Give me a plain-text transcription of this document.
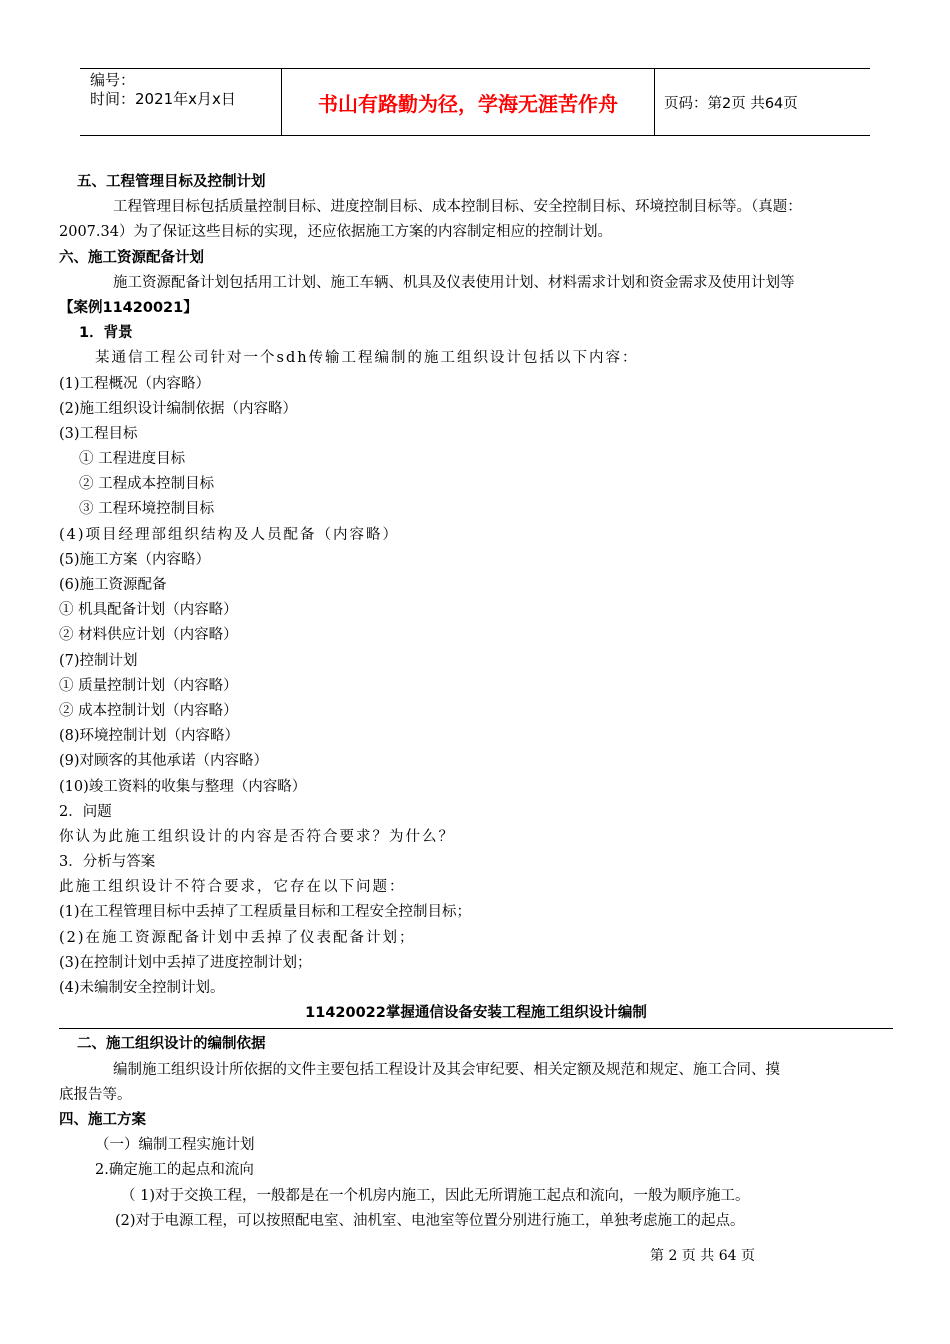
编号：
时间：2021年x月x日	书山有路勤为径，学海无涯苦作舟	页码：第2页 共64页
五、工程管理目标及控制计划
工程管理目标包括质量控制目标、进度控制目标、成本控制目标、安全控制目标、环境控制目标等。（真题：
2007.34）为了保证这些目标的实现，还应依据施工方案的内容制定相应的控制计划。
六、施工资源配备计划
施工资源配备计划包括用工计划、施工车辆、机具及仪表使用计划、材料需求计划和资金需求及使用计划等
【案例11420021】
1．背景
某通信工程公司针对一个sdh传输工程编制的施工组织设计包括以下内容：
(1)工程概况（内容略）
(2)施工组织设计编制依据（内容略）
(3)工程目标
① 工程进度目标
② 工程成本控制目标
③ 工程环境控制目标
(4)项目经理部组织结构及人员配备（内容略）
(5)施工方案（内容略）
(6)施工资源配备
① 机具配备计划（内容略）
② 材料供应计划（内容略）
(7)控制计划
① 质量控制计划（内容略）
② 成本控制计划（内容略）
(8)环境控制计划（内容略）
(9)对顾客的其他承诺（内容略）
(10)竣工资料的收集与整理（内容略）
2．问题
你认为此施工组织设计的内容是否符合要求？为什么？
3．分析与答案
此施工组织设计不符合要求，它存在以下问题：
(1)在工程管理目标中丢掉了工程质量目标和工程安全控制目标；
(2)在施工资源配备计划中丢掉了仪表配备计划；
(3)在控制计划中丢掉了进度控制计划；
(4)未编制安全控制计划。
11420022掌握通信设备安装工程施工组织设计编制
二、施工组织设计的编制依据
编制施工组织设计所依据的文件主要包括工程设计及其会审纪要、相关定额及规范和规定、施工合同、摸
底报告等。
四、施工方案
（一）编制工程实施计划
2.确定施工的起点和流向
（ 1)对于交换工程，一般都是在一个机房内施工，因此无所谓施工起点和流向，一般为顺序施工。
(2)对于电源工程，可以按照配电室、油机室、电池室等位置分别进行施工，单独考虑施工的起点。
第 2 页 共 64 页
